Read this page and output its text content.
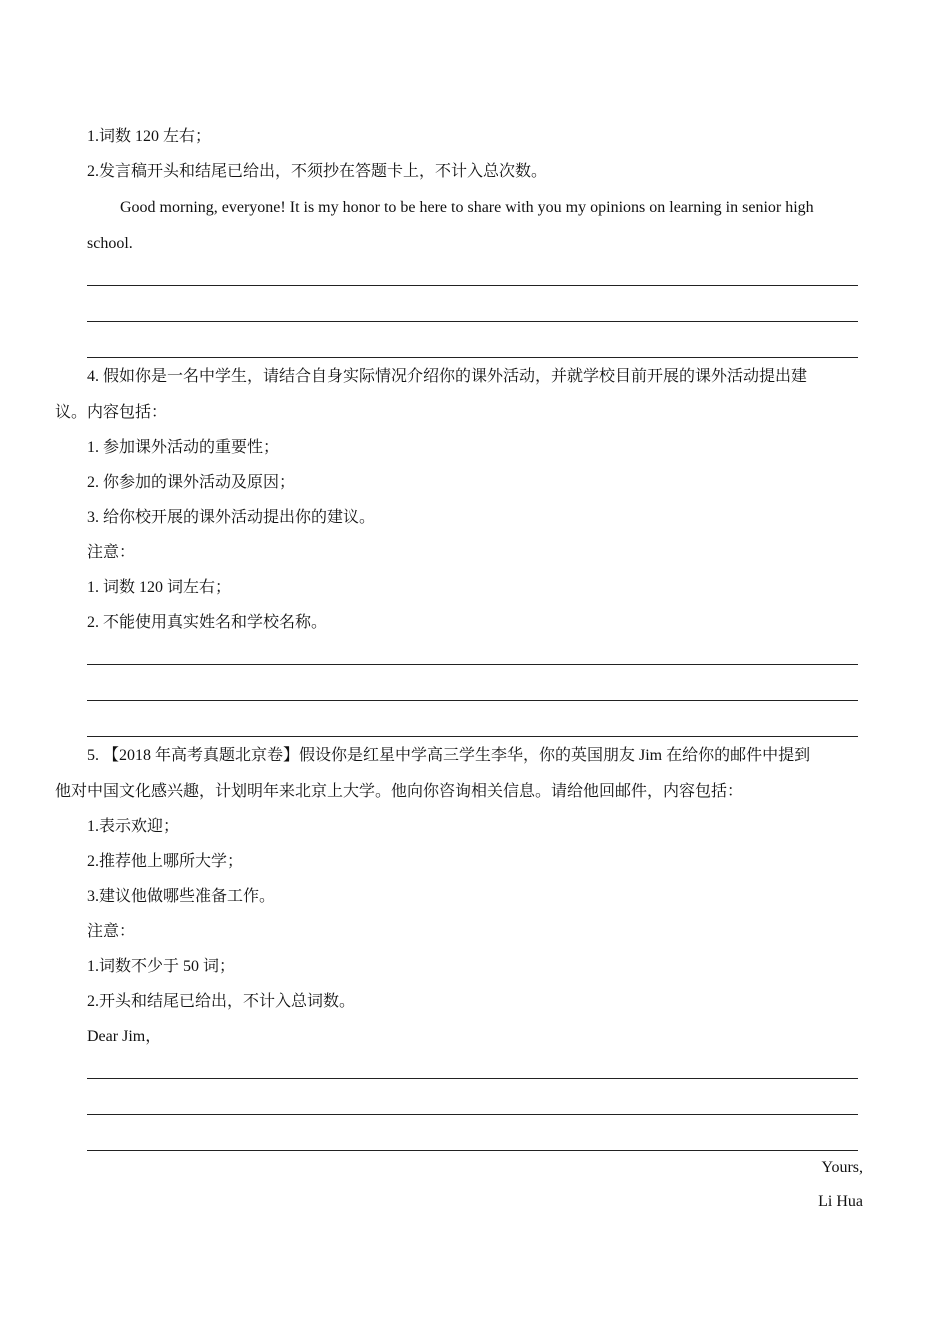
1.词数 120 左右；
2.发言稿开头和结尾已给出，不须抄在答题卡上，不计入总次数。
Good morning, everyone! It is my honor to be here to share with you my opinions on learning in senior high
school.
4. 假如你是一名中学生，请结合自身实际情况介绍你的课外活动，并就学校目前开展的课外活动提出建
议。内容包括：
1. 参加课外活动的重要性；
2. 你参加的课外活动及原因；
3. 给你校开展的课外活动提出你的建议。
注意：
1. 词数 120 词左右；
2. 不能使用真实姓名和学校名称。
5. 【2018 年高考真题北京卷】假设你是红星中学高三学生李华，你的英国朋友 Jim 在给你的邮件中提到
他对中国文化感兴趣，计划明年来北京上大学。他向你咨询相关信息。请给他回邮件，内容包括：
1.表示欢迎；
2.推荐他上哪所大学；
3.建议他做哪些准备工作。
注意：
1.词数不少于 50 词；
2.开头和结尾已给出，不计入总词数。
Dear Jim，
Yours,
Li Hua
